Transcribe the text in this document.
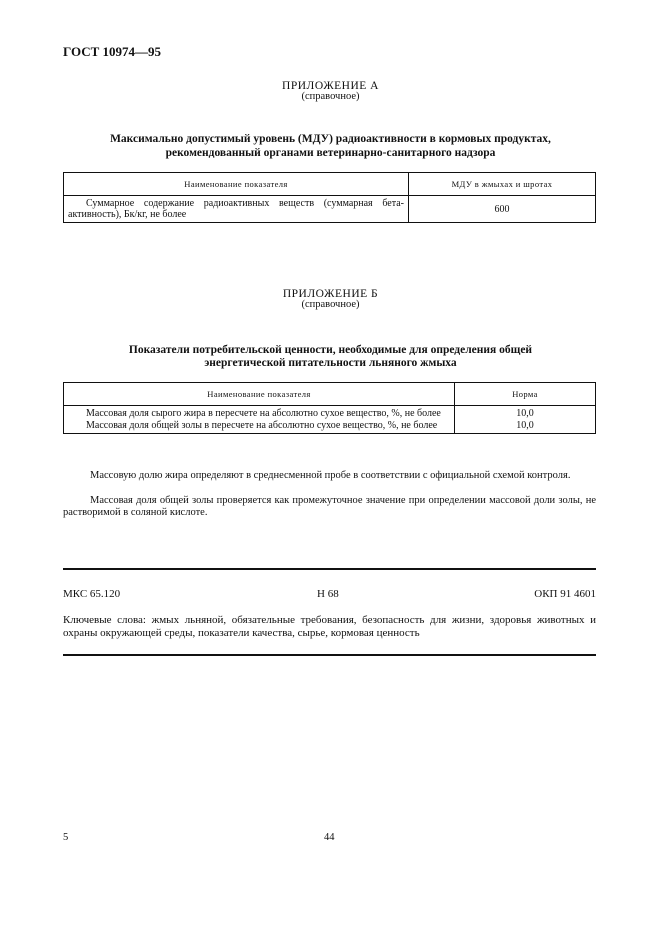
ГОСТ 10974—95
ПРИЛОЖЕНИЕ А
(справочное)
Максимально допустимый уровень (МДУ) радиоактивности в кормовых продуктах,
рекомендованный органами ветеринарно-санитарного надзора
Наименование показателя	МДУ в жмыхах и шротах
Суммарное содержание радиоактивных веществ (суммарная бета-активность), Бк/кг, не более	600
ПРИЛОЖЕНИЕ Б
(справочное)
Показатели потребительской ценности, необходимые для определения общей
энергетической питательности льняного жмыха
Наименование показателя	Норма
Массовая доля сырого жира в пересчете на абсолютно сухое вещество, %, не более	10,0
Массовая доля общей золы в пересчете на абсолютно сухое вещество, %, не более	10,0
Массовую долю жира определяют в среднесменной пробе в соответствии с официальной схемой контроля.
Массовая доля общей золы проверяется как промежуточное значение при определении массовой доли золы, не растворимой в соляной кислоте.
МКС 65.120	Н 68	ОКП 91 4601
Ключевые слова: жмых льняной, обязательные требования, безопасность для жизни, здоровья животных и охраны окружающей среды, показатели качества, сырье, кормовая ценность
5	44
